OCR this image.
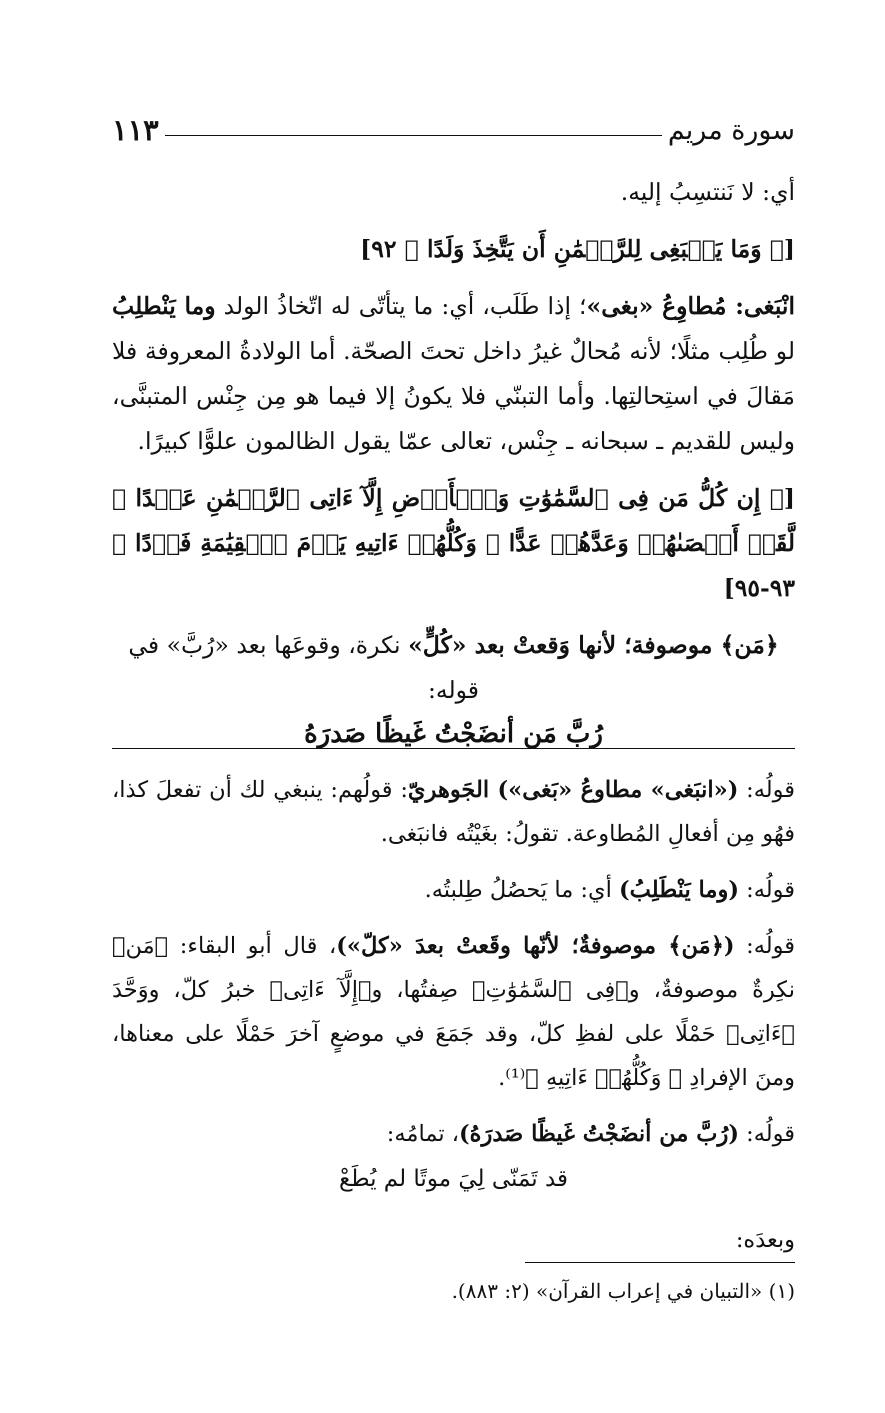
سورة مريم
١١٣

أي: لا نَنتسِبُ إليه.

[﴿ وَمَا يَنۢبَغِى لِلرَّحۡمَٰنِ أَن يَتَّخِذَ وَلَدًا ﴾ ٩٢]

انْبَغى: مُطاوِعُ «بغى»؛ إذا طَلَب، أي: ما يتأتّى له اتّخاذُ الولد وما يَنْطلِبُ لو طُلِب مثلًا؛ لأنه مُحالٌ غيرُ داخل تحتَ الصحّة. أما الولادةُ المعروفة فلا مَقالَ في استِحالتِها. وأما التبنّي فلا يكونُ إلا فيما هو مِن جِنْس المتبنَّى، وليس للقديم ـ سبحانه ـ جِنْس، تعالى عمّا يقول الظالمون علوًّا كبيرًا.

[﴿ إِن كُلُّ مَن فِى ٱلسَّمَٰوَٰتِ وَٱلۡأَرۡضِ إِلَّآ ءَاتِى ٱلرَّحۡمَٰنِ عَبۡدًا ۞ لَّقَدۡ أَحۡصَىٰهُمۡ وَعَدَّهُمۡ عَدًّا ۞ وَكُلُّهُمۡ ءَاتِيهِ يَوۡمَ ٱلۡقِيَٰمَةِ فَرۡدًا ﴾ ٩٣-٩٥]

﴿مَن﴾ موصوفة؛ لأنها وَقعتْ بعد «كُلٍّ» نكرة، وقوعَها بعد «رُبَّ» في قوله:

رُبَّ مَن أنضَجْتُ غَيظًا صَدرَهُ

قولُه: («انبَغى» مطاوعُ «بَغى») الجَوهريّ: قولُهم: ينبغي لك أن تفعلَ كذا، فهُو مِن أفعالِ المُطاوعة. تقولُ: بغَيْتُه فانبَغى.

قولُه: (وما يَنْطَلِبُ) أي: ما يَحصُلُ طِلبتُه.

قولُه: (﴿مَن﴾ موصوفةٌ؛ لأنّها وقَعتْ بعدَ «كلّ»)، قال أبو البقاء: ﴿مَن﴾ نكِرةٌ موصوفةٌ، و﴿فِى ٱلسَّمَٰوَٰتِ﴾ صِفتُها، و﴿إِلَّآ ءَاتِى﴾ خبرُ كلّ، ووَحَّدَ ﴿ءَاتِى﴾ حَمْلًا على لفظِ كلّ، وقد جَمَعَ في موضعٍ آخرَ حَمْلًا على معناها، ومنَ الإفرادِ ﴿ وَكُلُّهُمۡ ءَاتِيهِ ﴾⁽¹⁾.

قولُه: (رُبَّ من أنضَجْتُ غَيظًا صَدرَهُ)، تمامُه:

قد تَمَنّى لِيَ موتًا لم يُطَعْ

وبعدَه:

(١) «التبيان في إعراب القرآن» (٢: ٨٨٣).
